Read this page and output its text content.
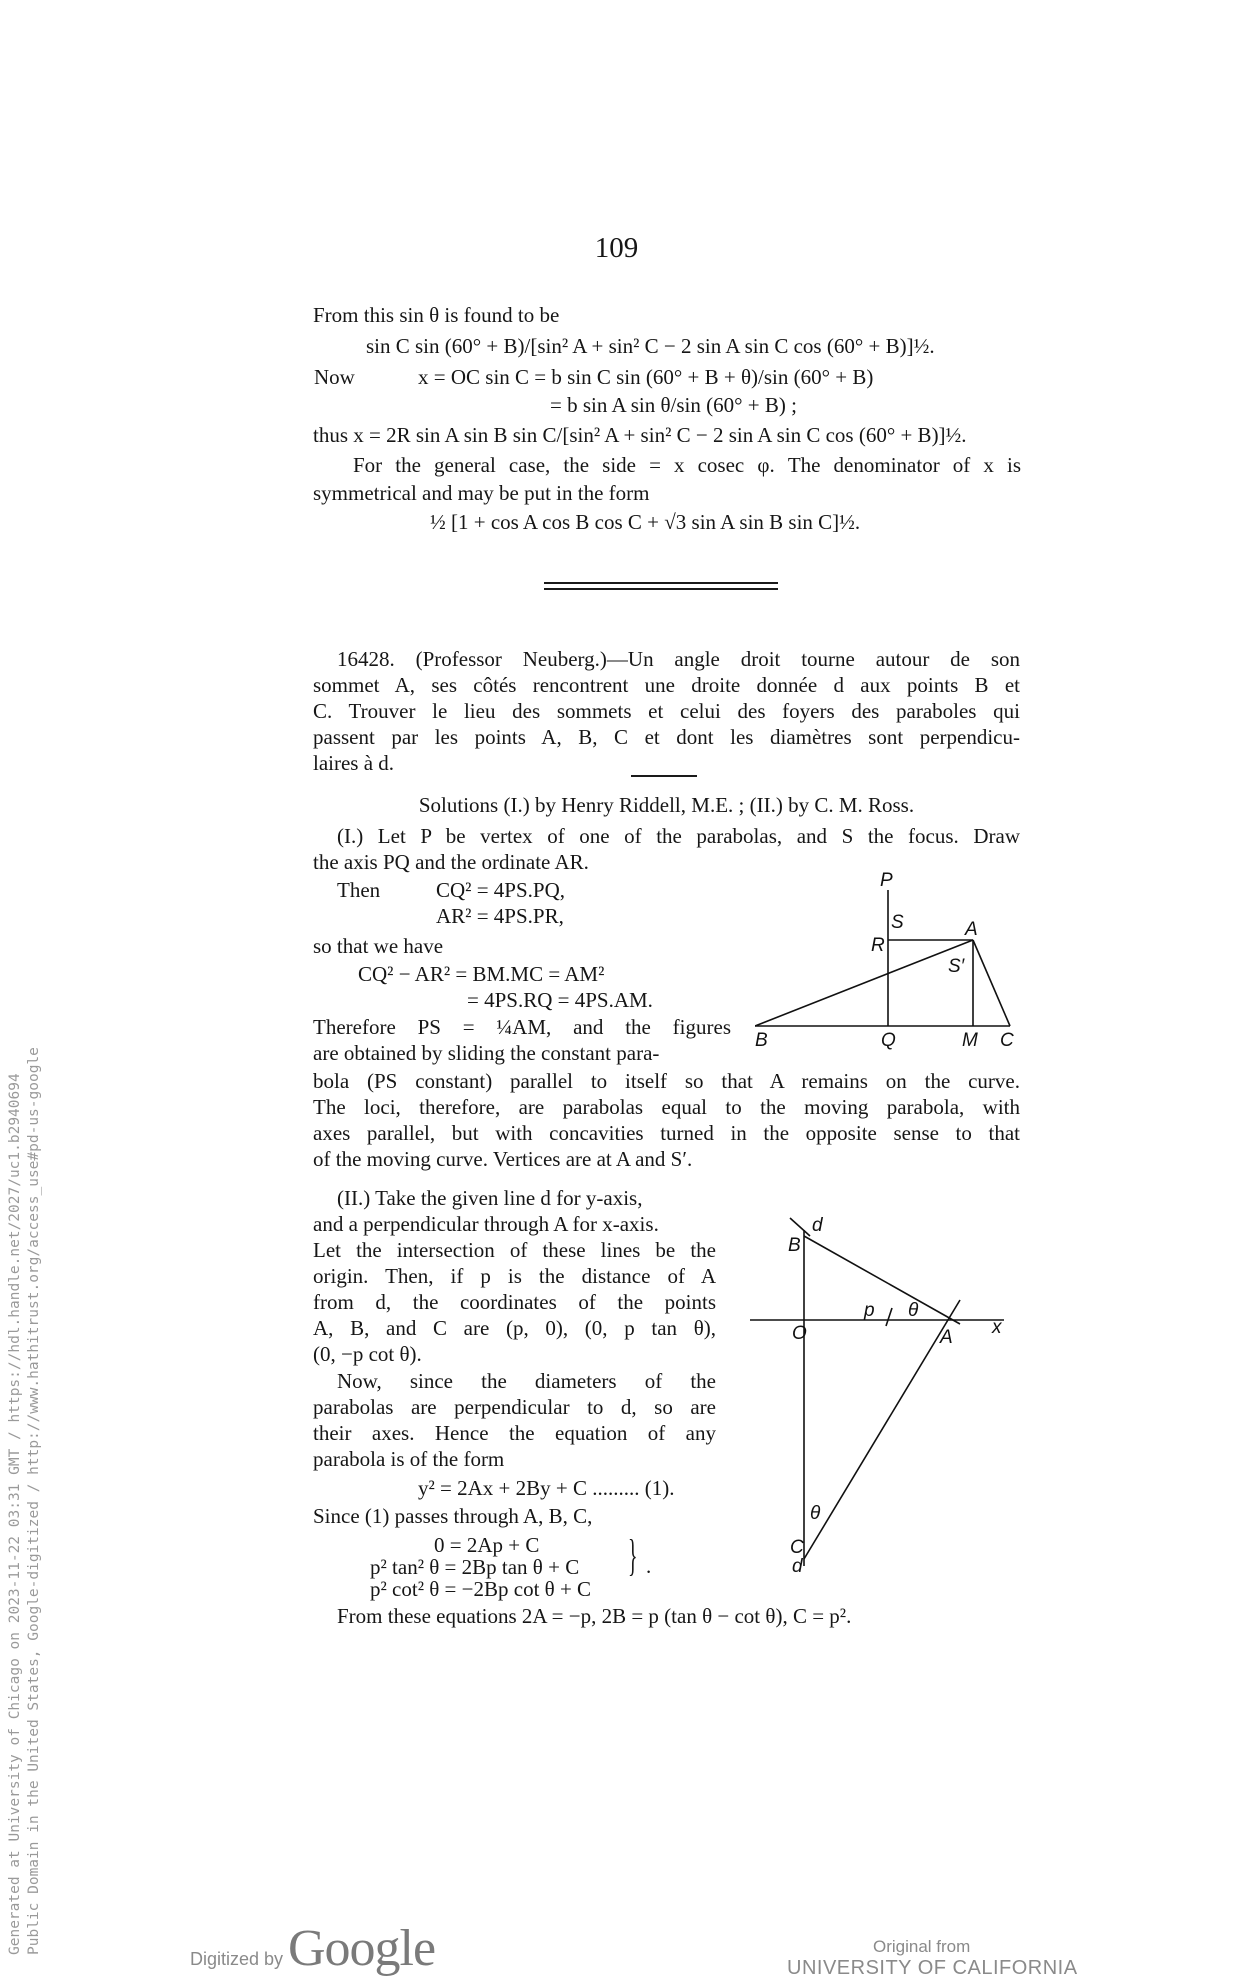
109
From this sin θ is found to be
sin C sin (60° + B)/[sin² A + sin² C − 2 sin A sin C cos (60° + B)]½.
Now	x = OC sin C = b sin C sin (60° + B + θ)/sin (60° + B)
= b sin A sin θ/sin (60° + B) ;
thus x = 2R sin A sin B sin C/[sin² A + sin² C − 2 sin A sin C cos (60° + B)]½.
For the general case, the side = x cosec φ. The denominator of x is
symmetrical and may be put in the form
½ [1 + cos A cos B cos C + √3 sin A sin B sin C]½.
16428. (Professor Neuberg.)—Un angle droit tourne autour de son
sommet A, ses côtés rencontrent une droite donnée d aux points B et
C. Trouver le lieu des sommets et celui des foyers des paraboles qui
passent par les points A, B, C et dont les diamètres sont perpendicu-
laires à d.
Solutions (I.) by Henry Riddell, M.E. ; (II.) by C. M. Ross.
(I.) Let P be vertex of one of the parabolas, and S the focus. Draw
the axis PQ and the ordinate AR.
Then	CQ² = 4PS.PQ,
AR² = 4PS.PR,
so that we have
CQ² − AR² = BM.MC = AM²
= 4PS.RQ = 4PS.AM.
Therefore PS = ¼AM, and the figures
are obtained by sliding the constant para-
bola (PS constant) parallel to itself so that A remains on the curve.
The loci, therefore, are parabolas equal to the moving parabola, with
axes parallel, but with concavities turned in the opposite sense to that
of the moving curve. Vertices are at A and S′.
P
S	A
R
S′
B	Q	M C
(II.) Take the given line d for y-axis,
and a perpendicular through A for x-axis.
Let the intersection of these lines be the
origin. Then, if p is the distance of A
from d, the coordinates of the points
A, B, and C are (p, 0), (0, p tan θ),
(0, −p cot θ).
Now, since the diameters of the
parabolas are perpendicular to d, so are
their axes. Hence the equation of any
parabola is of the form
y² = 2Ax + 2By + C ......... (1).
Since (1) passes through A, B, C,
0 = 2Ap + C
p² tan² θ = 2Bp tan θ + C
p² cot² θ = −2Bp cot θ + C
} .
From these equations 2A = −p, 2B = p (tan θ − cot θ), C = p².
d
B
p θ
O	A x
θ
C
d
Generated at University of Chicago on 2023-11-22 03:31 GMT / https://hdl.handle.net/2027/uc1.b2940694 Public Domain in the United States, Google-digitized / http://www.hathitrust.org/access_use#pd-us-google
Digitized by Google	Original from
UNIVERSITY OF CALIFORNIA
